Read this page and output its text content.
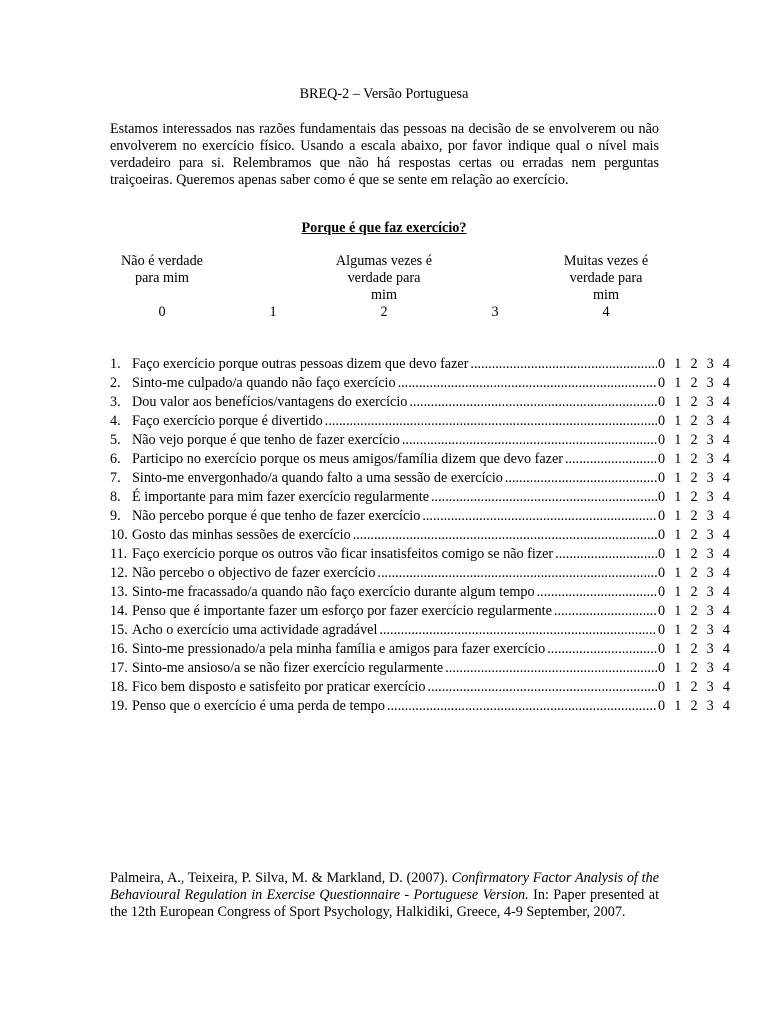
BREQ-2 – Versão Portuguesa
Estamos interessados nas razões fundamentais das pessoas na decisão de se envolverem ou não envolverem no exercício físico. Usando a escala abaixo, por favor indique qual o nível mais verdadeiro para si. Relembramos que não há respostas certas ou erradas nem perguntas traiçoeiras. Queremos apenas saber como é que se sente em relação ao exercício.
Porque é que faz exercício?
Não é verdade
para mim
Algumas vezes é
verdade para
mim
Muitas vezes é
verdade para
mim
0	1	2	3	4
1. Faço exercício porque outras pessoas dizem que devo fazer .....	0 1 2 3 4
2. Sinto-me culpado/a quando não faço exercício .....	0 1 2 3 4
3. Dou valor aos benefícios/vantagens do exercício .....	0 1 2 3 4
4. Faço exercício porque é divertido .....	0 1 2 3 4
5. Não vejo porque é que tenho de fazer exercício .....	0 1 2 3 4
6. Participo no exercício porque os meus amigos/família dizem que devo fazer .....	0 1 2 3 4
7. Sinto-me envergonhado/a quando falto a uma sessão de exercício .....	0 1 2 3 4
8. É importante para mim fazer exercício regularmente .....	0 1 2 3 4
9. Não percebo porque é que tenho de fazer exercício .....	0 1 2 3 4
10. Gosto das minhas sessões de exercício .....	0 1 2 3 4
11. Faço exercício porque os outros vão ficar insatisfeitos comigo se não fizer .....	0 1 2 3 4
12. Não percebo o objectivo de fazer exercício .....	0 1 2 3 4
13. Sinto-me fracassado/a quando não faço exercício durante algum tempo .....	0 1 2 3 4
14. Penso que é importante fazer um esforço por fazer exercício regularmente .....	0 1 2 3 4
15. Acho o exercício uma actividade agradável .....	0 1 2 3 4
16. Sinto-me pressionado/a pela minha família e amigos para fazer exercício .....	0 1 2 3 4
17. Sinto-me ansioso/a se não fizer exercício regularmente .....	0 1 2 3 4
18. Fico bem disposto e satisfeito por praticar exercício .....	0 1 2 3 4
19. Penso que o exercício é uma perda de tempo .....	0 1 2 3 4
Palmeira, A., Teixeira, P. Silva, M. & Markland, D. (2007). Confirmatory Factor Analysis of the Behavioural Regulation in Exercise Questionnaire - Portuguese Version. In: Paper presented at the 12th European Congress of Sport Psychology, Halkidiki, Greece, 4-9 September, 2007.
